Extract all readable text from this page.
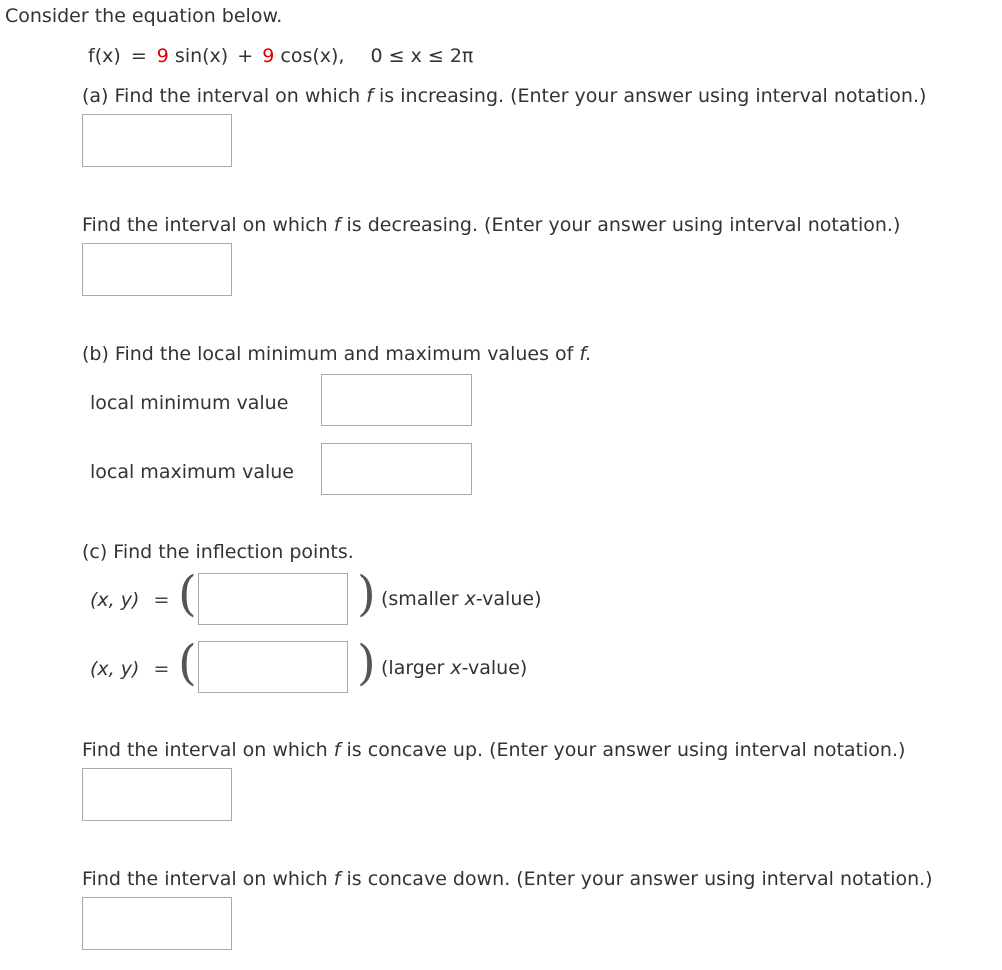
Consider the equation below.
f(x) = 9 sin(x) + 9 cos(x), 0 ≤ x ≤ 2π
(a) Find the interval on which f is increasing. (Enter your answer using interval notation.)
Find the interval on which f is decreasing. (Enter your answer using interval notation.)
(b) Find the local minimum and maximum values of f.
local minimum value
local maximum value
(c) Find the inflection points.
(x, y) = (	) (smaller x-value)
(x, y) = (	) (larger x-value)
Find the interval on which f is concave up. (Enter your answer using interval notation.)
Find the interval on which f is concave down. (Enter your answer using interval notation.)
